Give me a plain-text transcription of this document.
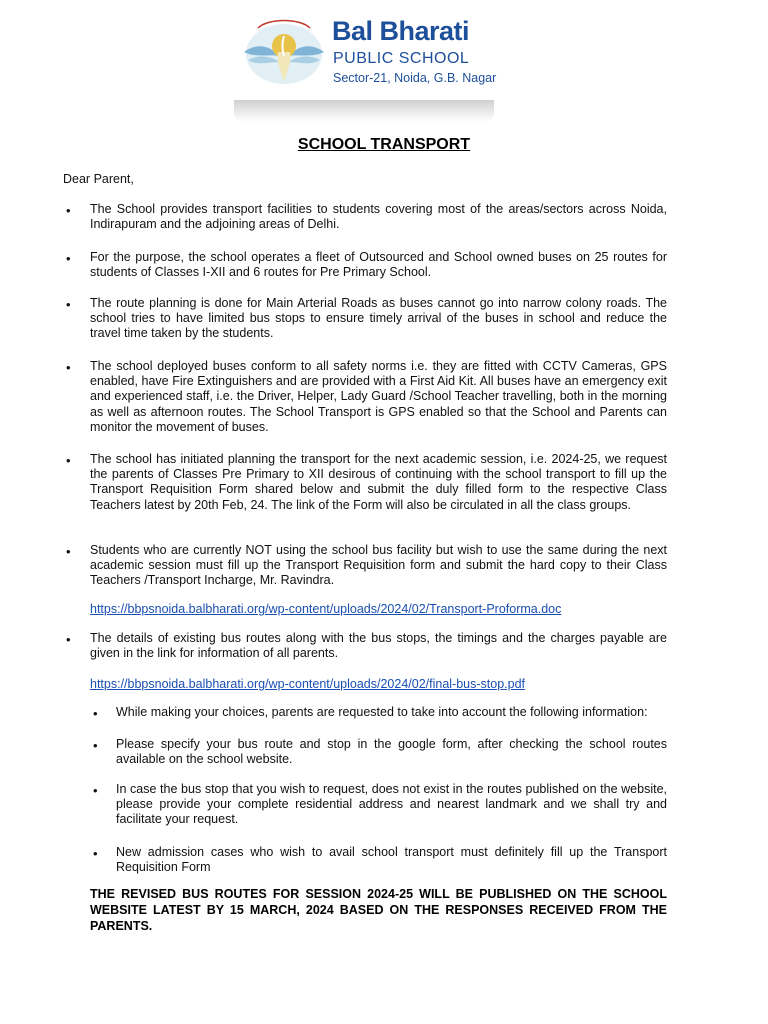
Bal Bharati
PUBLIC SCHOOL
Sector-21, Noida, G.B. Nagar
SCHOOL TRANSPORT
Dear Parent,
• The School provides transport facilities to students covering most of the areas/sectors across Noida, Indirapuram and the adjoining areas of Delhi.
• For the purpose, the school operates a fleet of Outsourced and School owned buses on 25 routes for students of Classes I-XII and 6 routes for Pre Primary School.
• The route planning is done for Main Arterial Roads as buses cannot go into narrow colony roads. The school tries to have limited bus stops to ensure timely arrival of the buses in school and reduce the travel time taken by the students.
• The school deployed buses conform to all safety norms i.e. they are fitted with CCTV Cameras, GPS enabled, have Fire Extinguishers and are provided with a First Aid Kit. All buses have an emergency exit and experienced staff, i.e. the Driver, Helper, Lady Guard /School Teacher travelling, both in the morning as well as afternoon routes. The School Transport is GPS enabled so that the School and Parents can monitor the movement of buses.
• The school has initiated planning the transport for the next academic session, i.e. 2024-25, we request the parents of Classes Pre Primary to XII desirous of continuing with the school transport to fill up the Transport Requisition Form shared below and submit the duly filled form to the respective Class Teachers latest by 20th Feb, 24. The link of the Form will also be circulated in all the class groups.
• Students who are currently NOT using the school bus facility but wish to use the same during the next academic session must fill up the Transport Requisition form and submit the hard copy to their Class Teachers /Transport Incharge, Mr. Ravindra.
https://bbpsnoida.balbharati.org/wp-content/uploads/2024/02/Transport-Proforma.doc
• The details of existing bus routes along with the bus stops, the timings and the charges payable are given in the link for information of all parents.
https://bbpsnoida.balbharati.org/wp-content/uploads/2024/02/final-bus-stop.pdf
• While making your choices, parents are requested to take into account the following information:
• Please specify your bus route and stop in the google form, after checking the school routes available on the school website.
• In case the bus stop that you wish to request, does not exist in the routes published on the website, please provide your complete residential address and nearest landmark and we shall try and facilitate your request.
• New admission cases who wish to avail school transport must definitely fill up the Transport Requisition Form
THE REVISED BUS ROUTES FOR SESSION 2024-25 WILL BE PUBLISHED ON THE SCHOOL WEBSITE LATEST BY 15 MARCH, 2024 BASED ON THE RESPONSES RECEIVED FROM THE PARENTS.
